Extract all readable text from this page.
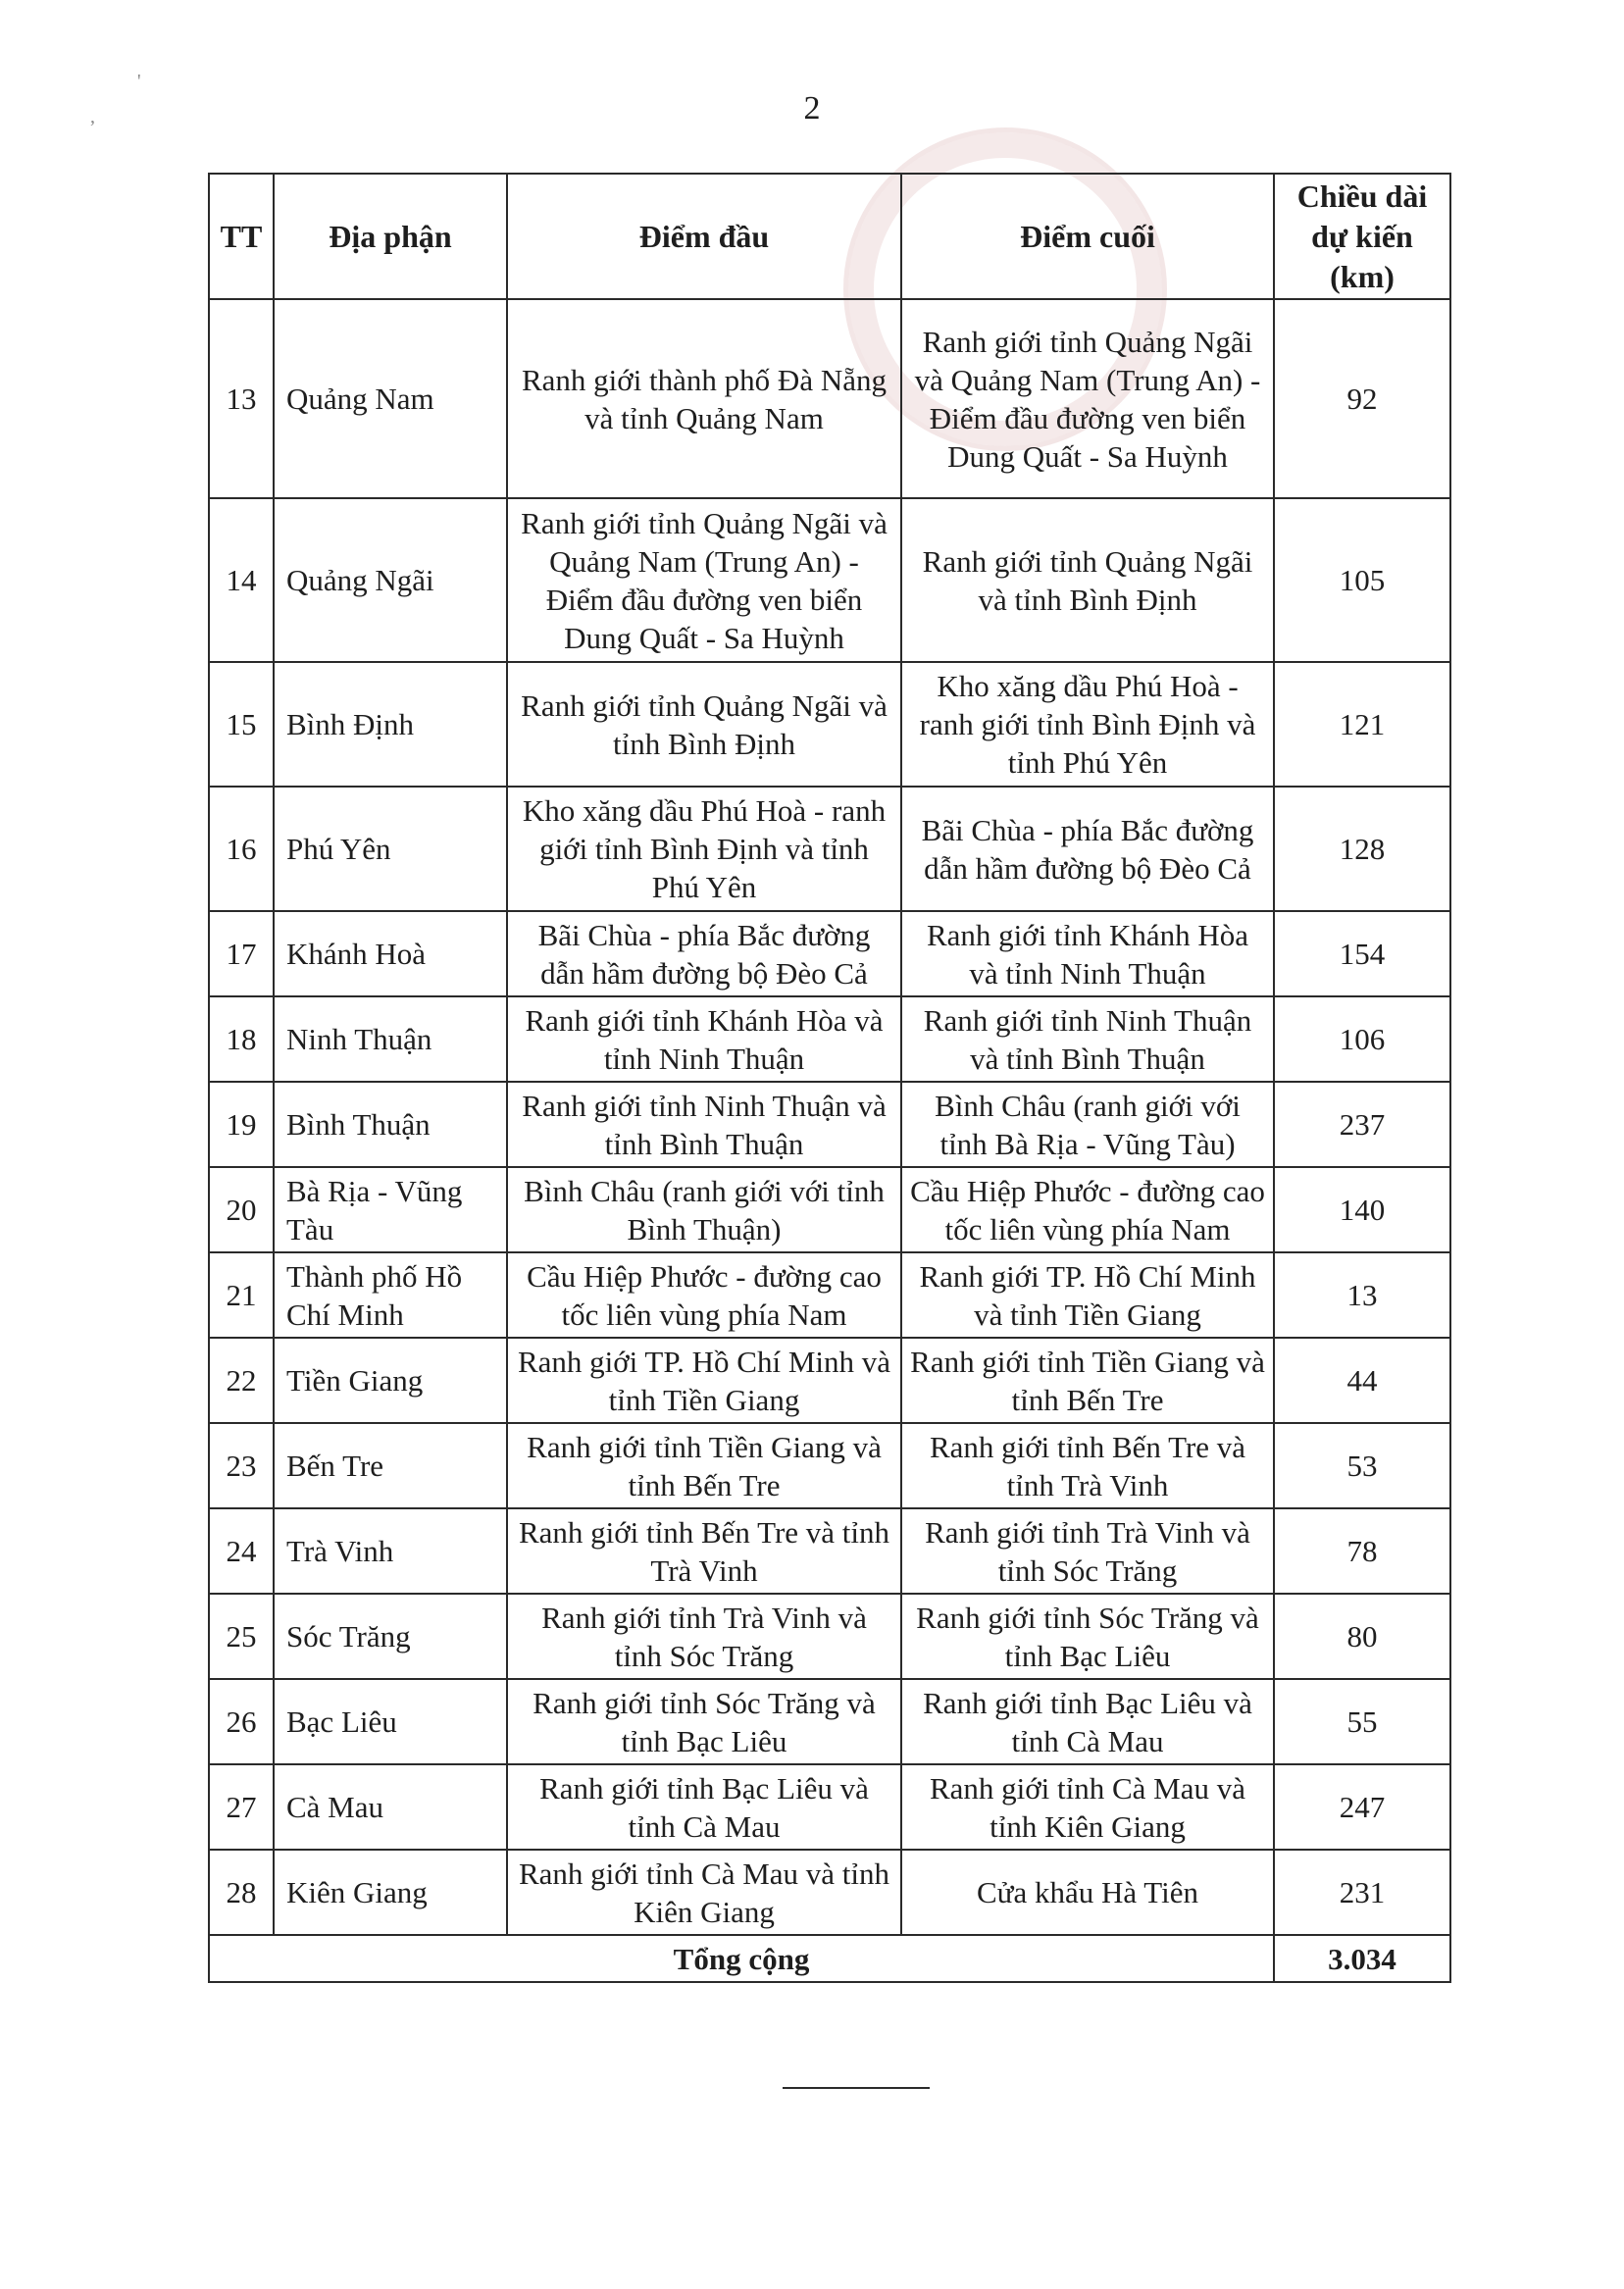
2
,
'
TT	Địa phận	Điểm đầu	Điểm cuối	Chiều dài dự kiến (km)
13	Quảng Nam	Ranh giới thành phố Đà Nẵng và tỉnh Quảng Nam	Ranh giới tỉnh Quảng Ngãi và Quảng Nam (Trung An) - Điểm đầu đường ven biển Dung Quất - Sa Huỳnh	92
14	Quảng Ngãi	Ranh giới tỉnh Quảng Ngãi và Quảng Nam (Trung An) - Điểm đầu đường ven biển Dung Quất - Sa Huỳnh	Ranh giới tỉnh Quảng Ngãi và tỉnh Bình Định	105
15	Bình Định	Ranh giới tỉnh Quảng Ngãi và tỉnh Bình Định	Kho xăng dầu Phú Hoà - ranh giới tỉnh Bình Định và tỉnh Phú Yên	121
16	Phú Yên	Kho xăng dầu Phú Hoà - ranh giới tỉnh Bình Định và tỉnh Phú Yên	Bãi Chùa - phía Bắc đường dẫn hầm đường bộ Đèo Cả	128
17	Khánh Hoà	Bãi Chùa - phía Bắc đường dẫn hầm đường bộ Đèo Cả	Ranh giới tỉnh Khánh Hòa và tỉnh Ninh Thuận	154
18	Ninh Thuận	Ranh giới tỉnh Khánh Hòa và tỉnh Ninh Thuận	Ranh giới tỉnh Ninh Thuận và tỉnh Bình Thuận	106
19	Bình Thuận	Ranh giới tỉnh Ninh Thuận và tỉnh Bình Thuận	Bình Châu (ranh giới với tỉnh Bà Rịa - Vũng Tàu)	237
20	Bà Rịa - Vũng Tàu	Bình Châu (ranh giới với tỉnh Bình Thuận)	Cầu Hiệp Phước - đường cao tốc liên vùng phía Nam	140
21	Thành phố Hồ Chí Minh	Cầu Hiệp Phước - đường cao tốc liên vùng phía Nam	Ranh giới TP. Hồ Chí Minh và tỉnh Tiền Giang	13
22	Tiền Giang	Ranh giới TP. Hồ Chí Minh và tỉnh Tiền Giang	Ranh giới tỉnh Tiền Giang và tỉnh Bến Tre	44
23	Bến Tre	Ranh giới tỉnh Tiền Giang và tỉnh Bến Tre	Ranh giới tỉnh Bến Tre và tỉnh Trà Vinh	53
24	Trà Vinh	Ranh giới tỉnh Bến Tre và tỉnh Trà Vinh	Ranh giới tỉnh Trà Vinh và tỉnh Sóc Trăng	78
25	Sóc Trăng	Ranh giới tỉnh Trà Vinh và tỉnh Sóc Trăng	Ranh giới tỉnh Sóc Trăng và tỉnh Bạc Liêu	80
26	Bạc Liêu	Ranh giới tỉnh Sóc Trăng và tỉnh Bạc Liêu	Ranh giới tỉnh Bạc Liêu và tỉnh Cà Mau	55
27	Cà Mau	Ranh giới tỉnh Bạc Liêu và tỉnh Cà Mau	Ranh giới tỉnh Cà Mau và tỉnh Kiên Giang	247
28	Kiên Giang	Ranh giới tỉnh Cà Mau và tỉnh Kiên Giang	Cửa khẩu Hà Tiên	231
Tổng cộng				3.034
